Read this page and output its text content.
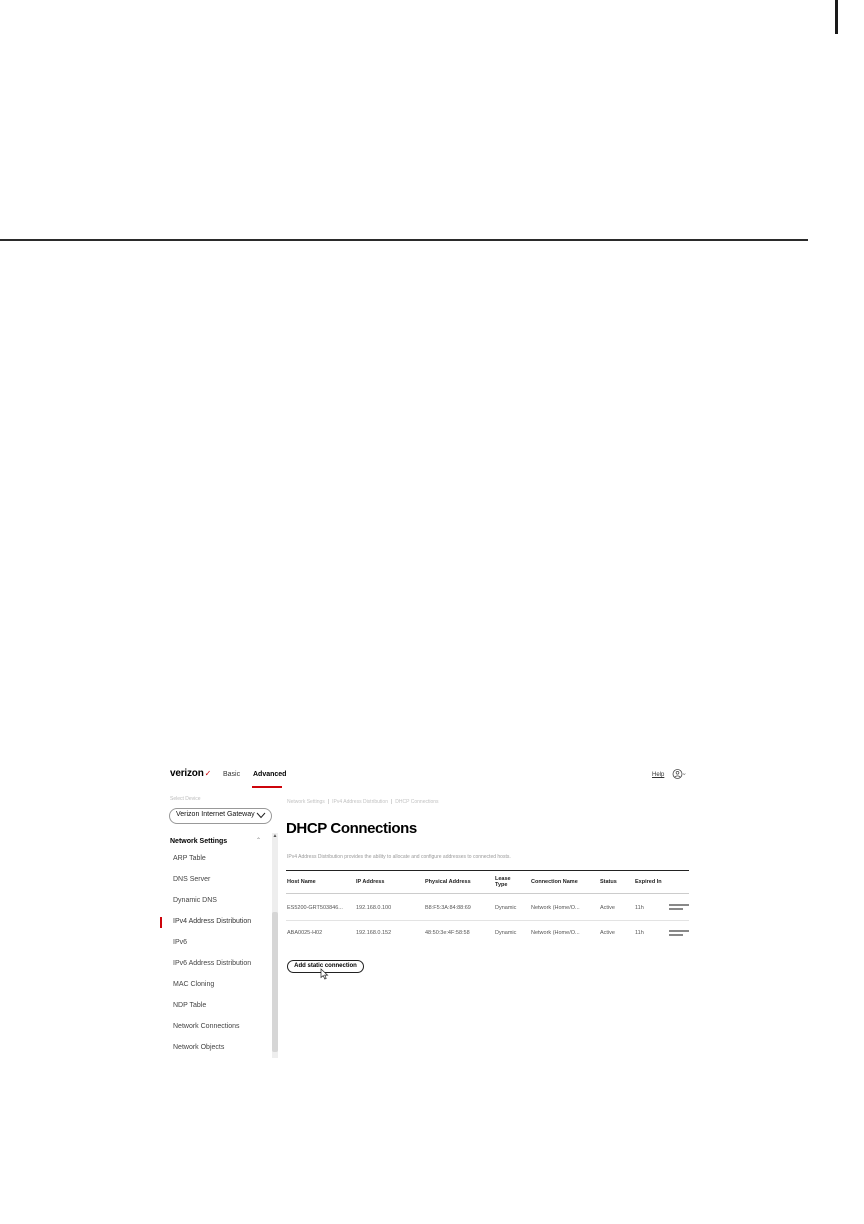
verizon✓ Basic Advanced	Help
Select Device
Verizon Internet Gateway
Network Settings	⌃
ARP Table
DNS Server
Dynamic DNS
IPv4 Address Distribution
IPv6
IPv6 Address Distribution
MAC Cloning
NDP Table
Network Connections
Network Objects
▲
Network Settings | IPv4 Address Distribution | DHCP Connections
DHCP Connections
IPv4 Address Distribution provides the ability to allocate and configure addresses to connected hosts.
Host Name	IP Address	Physical Address	Lease Type	Connection Name	Status	Expired In
ES5200-GRT503846... 192.168.0.100	B8:F5:3A:84:88:69	Dynamic	Network (Home/O...	Active	11h
ABA0025-H02	192.168.0.152	48:50:3e:4F:58:58	Dynamic	Network (Home/O...	Active	11h
Add static connection
